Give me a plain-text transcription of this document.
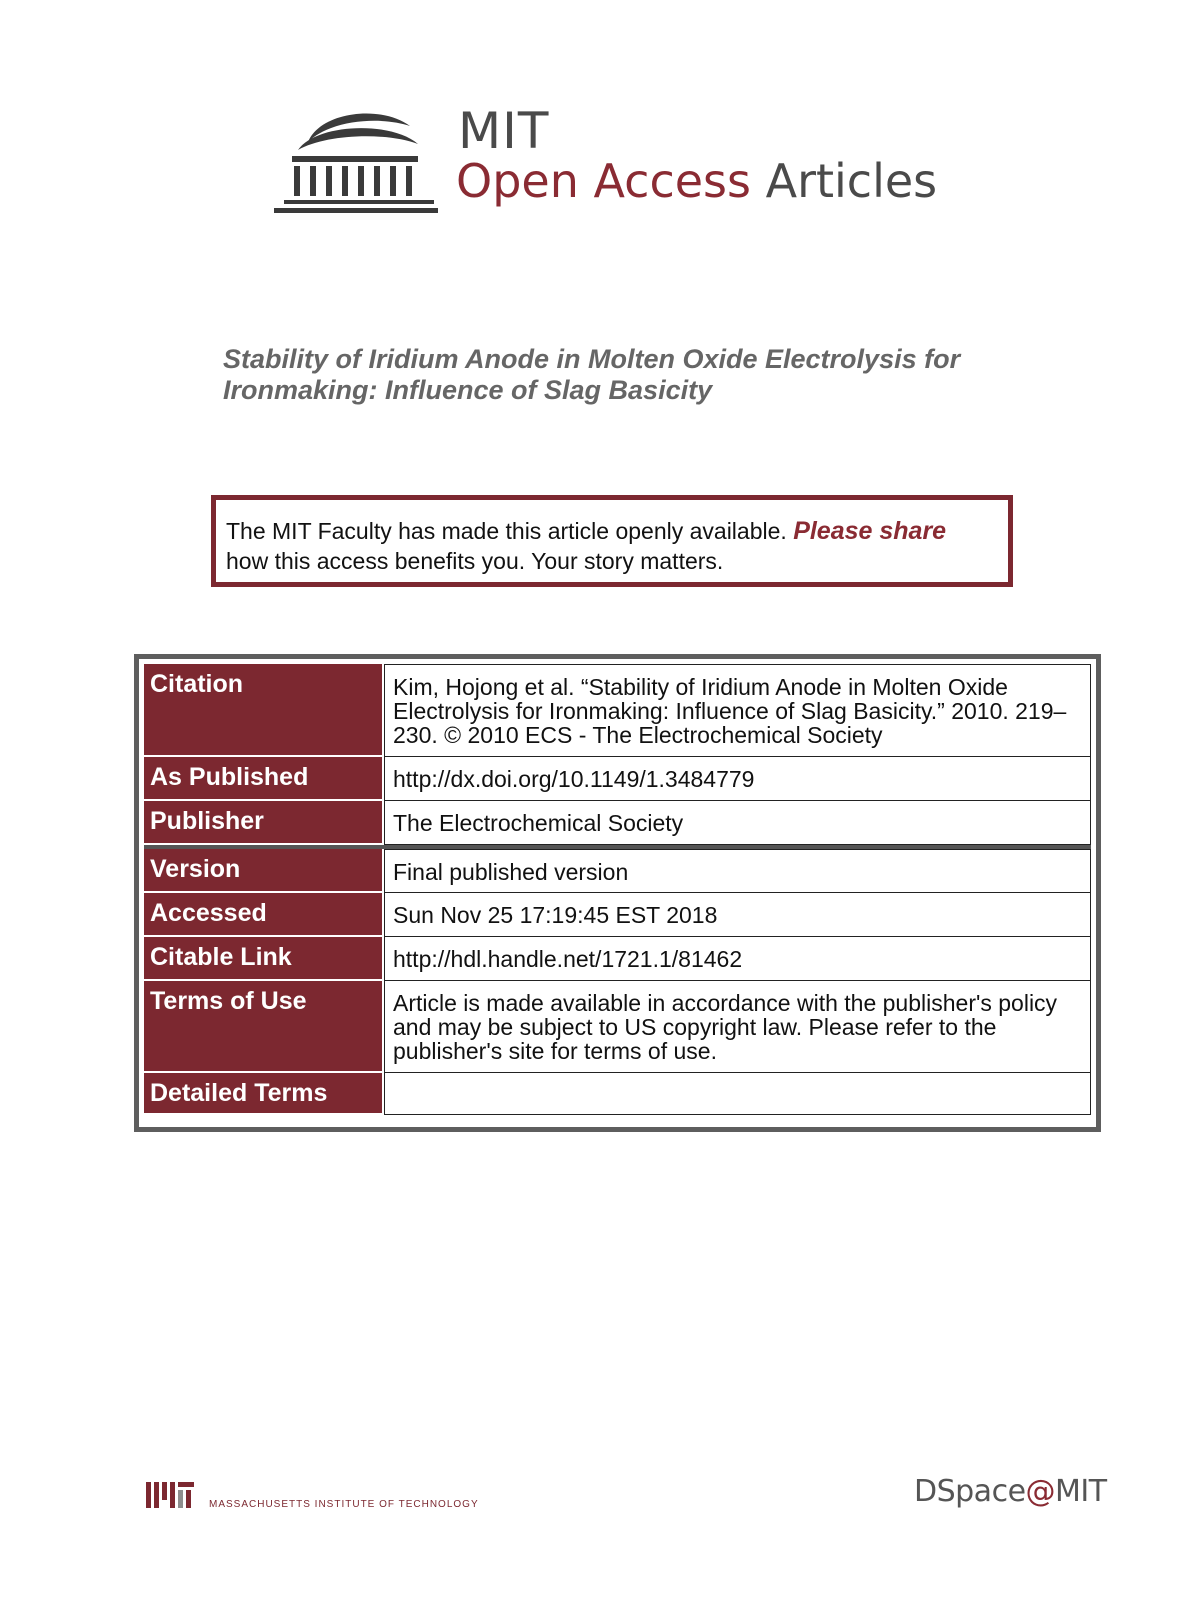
MIT
Open Access Articles
Stability of Iridium Anode in Molten Oxide Electrolysis for Ironmaking: Influence of Slag Basicity
The MIT Faculty has made this article openly available. Please share
how this access benefits you. Your story matters.
Citation	Kim, Hojong et al. “Stability of Iridium Anode in Molten Oxide Electrolysis for Ironmaking: Influence of Slag Basicity.” 2010. 219–230. © 2010 ECS - The Electrochemical Society
As Published	http://dx.doi.org/10.1149/1.3484779
Publisher	The Electrochemical Society
Version	Final published version
Accessed	Sun Nov 25 17:19:45 EST 2018
Citable Link	http://hdl.handle.net/1721.1/81462
Terms of Use	Article is made available in accordance with the publisher's policy and may be subject to US copyright law. Please refer to the publisher's site for terms of use.
Detailed Terms
MASSACHUSETTS INSTITUTE OF TECHNOLOGY	DSpace@MIT
